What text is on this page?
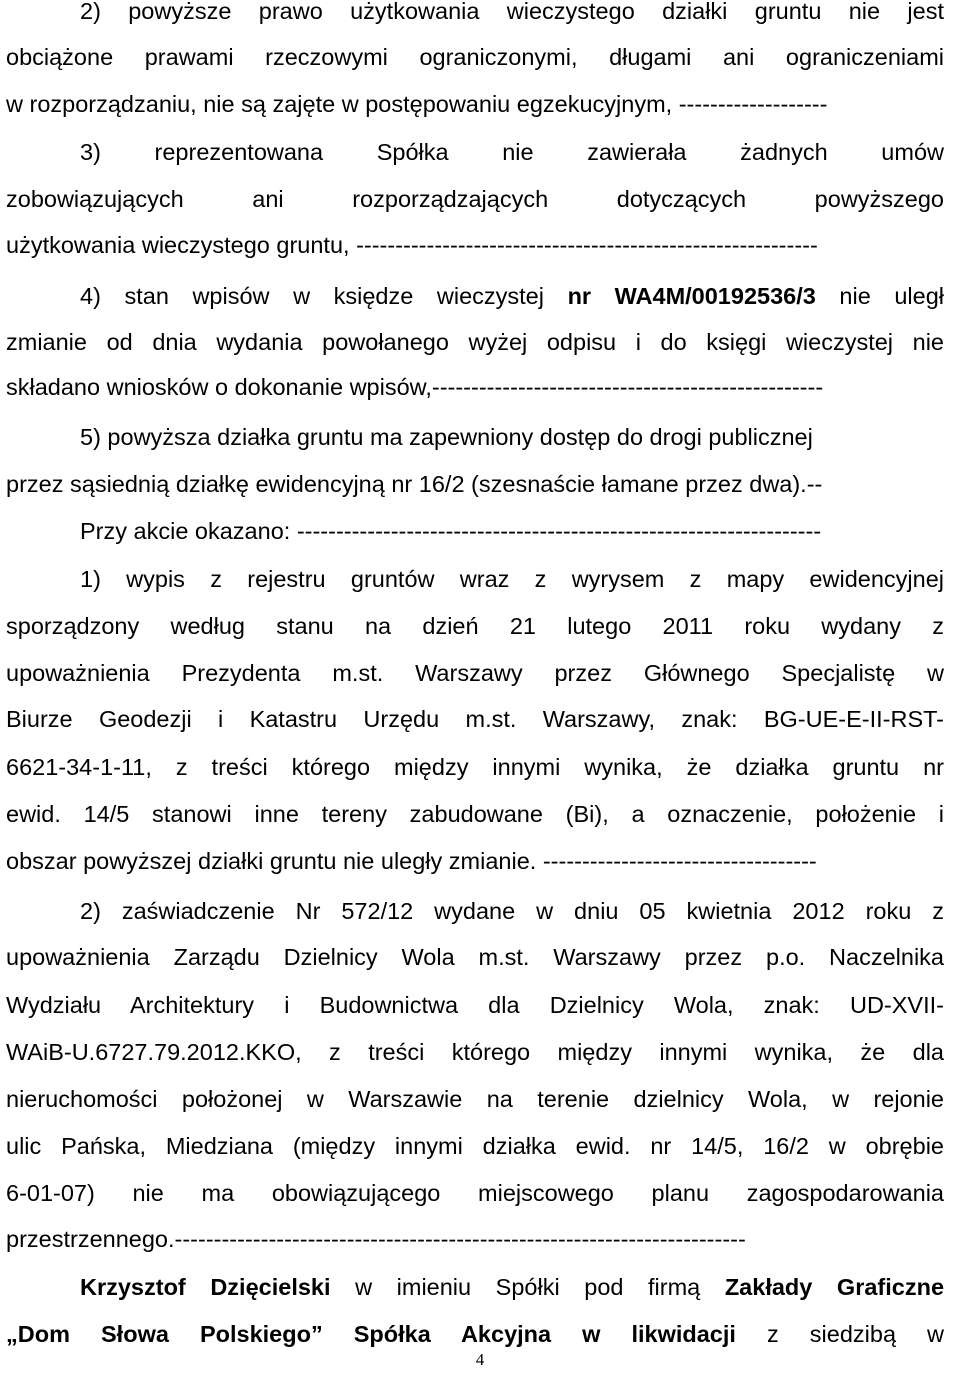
2) powyższe prawo użytkowania wieczystego działki gruntu nie jest
obciążone prawami rzeczowymi ograniczonymi, długami ani ograniczeniami
w rozporządzaniu, nie są zajęte w postępowaniu egzekucyjnym, -------------------
3) reprezentowana Spółka nie zawierała żadnych umów
zobowiązujących ani rozporządzających dotyczących powyższego
użytkowania wieczystego gruntu, -----------------------------------------------------------
4) stan wpisów w księdze wieczystej nr WA4M/00192536/3 nie uległ
zmianie od dnia wydania powołanego wyżej odpisu i do księgi wieczystej nie
składano wniosków o dokonanie wpisów,--------------------------------------------------
5) powyższa działka gruntu ma zapewniony dostęp do drogi publicznej
przez sąsiednią działkę ewidencyjną nr 16/2 (szesnaście łamane przez dwa).--
Przy akcie okazano: -------------------------------------------------------------------
1) wypis z rejestru gruntów wraz z wyrysem z mapy ewidencyjnej
sporządzony według stanu na dzień 21 lutego 2011 roku wydany z
upoważnienia Prezydenta m.st. Warszawy przez Głównego Specjalistę w
Biurze Geodezji i Katastru Urzędu m.st. Warszawy, znak: BG-UE-E-II-RST-
6621-34-1-11, z treści którego między innymi wynika, że działka gruntu nr
ewid. 14/5 stanowi inne tereny zabudowane (Bi), a oznaczenie, położenie i
obszar powyższej działki gruntu nie uległy zmianie. -----------------------------------
2) zaświadczenie Nr 572/12 wydane w dniu 05 kwietnia 2012 roku z
upoważnienia Zarządu Dzielnicy Wola m.st. Warszawy przez p.o. Naczelnika
Wydziału Architektury i Budownictwa dla Dzielnicy Wola, znak: UD-XVII-
WAiB-U.6727.79.2012.KKO, z treści którego między innymi wynika, że dla
nieruchomości położonej w Warszawie na terenie dzielnicy Wola, w rejonie
ulic Pańska, Miedziana (między innymi działka ewid. nr 14/5, 16/2 w obrębie
6-01-07) nie ma obowiązującego miejscowego planu zagospodarowania
przestrzennego.-------------------------------------------------------------------------
Krzysztof Dzięcielski w imieniu Spółki pod firmą Zakłady Graficzne
„Dom Słowa Polskiego” Spółka Akcyjna w likwidacji z siedzibą w
4
